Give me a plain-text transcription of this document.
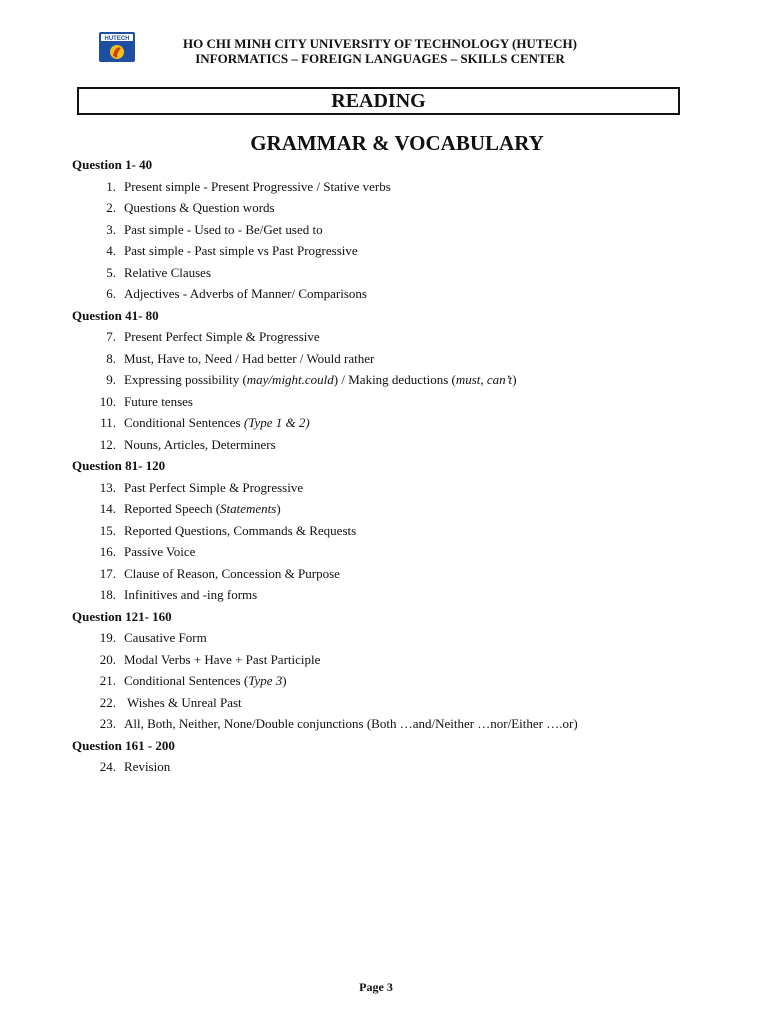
HUTECH	HO CHI MINH CITY UNIVERSITY OF TECHNOLOGY (HUTECH)
INFORMATICS – FOREIGN LANGUAGES – SKILLS CENTER
READING
GRAMMAR & VOCABULARY
Question 1- 40
1. Present simple - Present Progressive / Stative verbs
2. Questions & Question words
3. Past simple - Used to - Be/Get used to
4. Past simple - Past simple vs Past Progressive
5. Relative Clauses
6. Adjectives - Adverbs of Manner/ Comparisons
Question 41- 80
7. Present Perfect Simple & Progressive
8. Must, Have to, Need / Had better / Would rather
9. Expressing possibility (may/might.could) / Making deductions (must, can’t)
10. Future tenses
11. Conditional Sentences (Type 1 & 2)
12. Nouns, Articles, Determiners
Question 81- 120
13. Past Perfect Simple & Progressive
14. Reported Speech (Statements)
15. Reported Questions, Commands & Requests
16. Passive Voice
17. Clause of Reason, Concession & Purpose
18. Infinitives and -ing forms
Question 121- 160
19. Causative Form
20. Modal Verbs + Have + Past Participle
21. Conditional Sentences (Type 3)
22. Wishes & Unreal Past
23. All, Both, Neither, None/Double conjunctions (Both …and/Neither …nor/Either ….or)
Question 161 - 200
24. Revision
Page 3
